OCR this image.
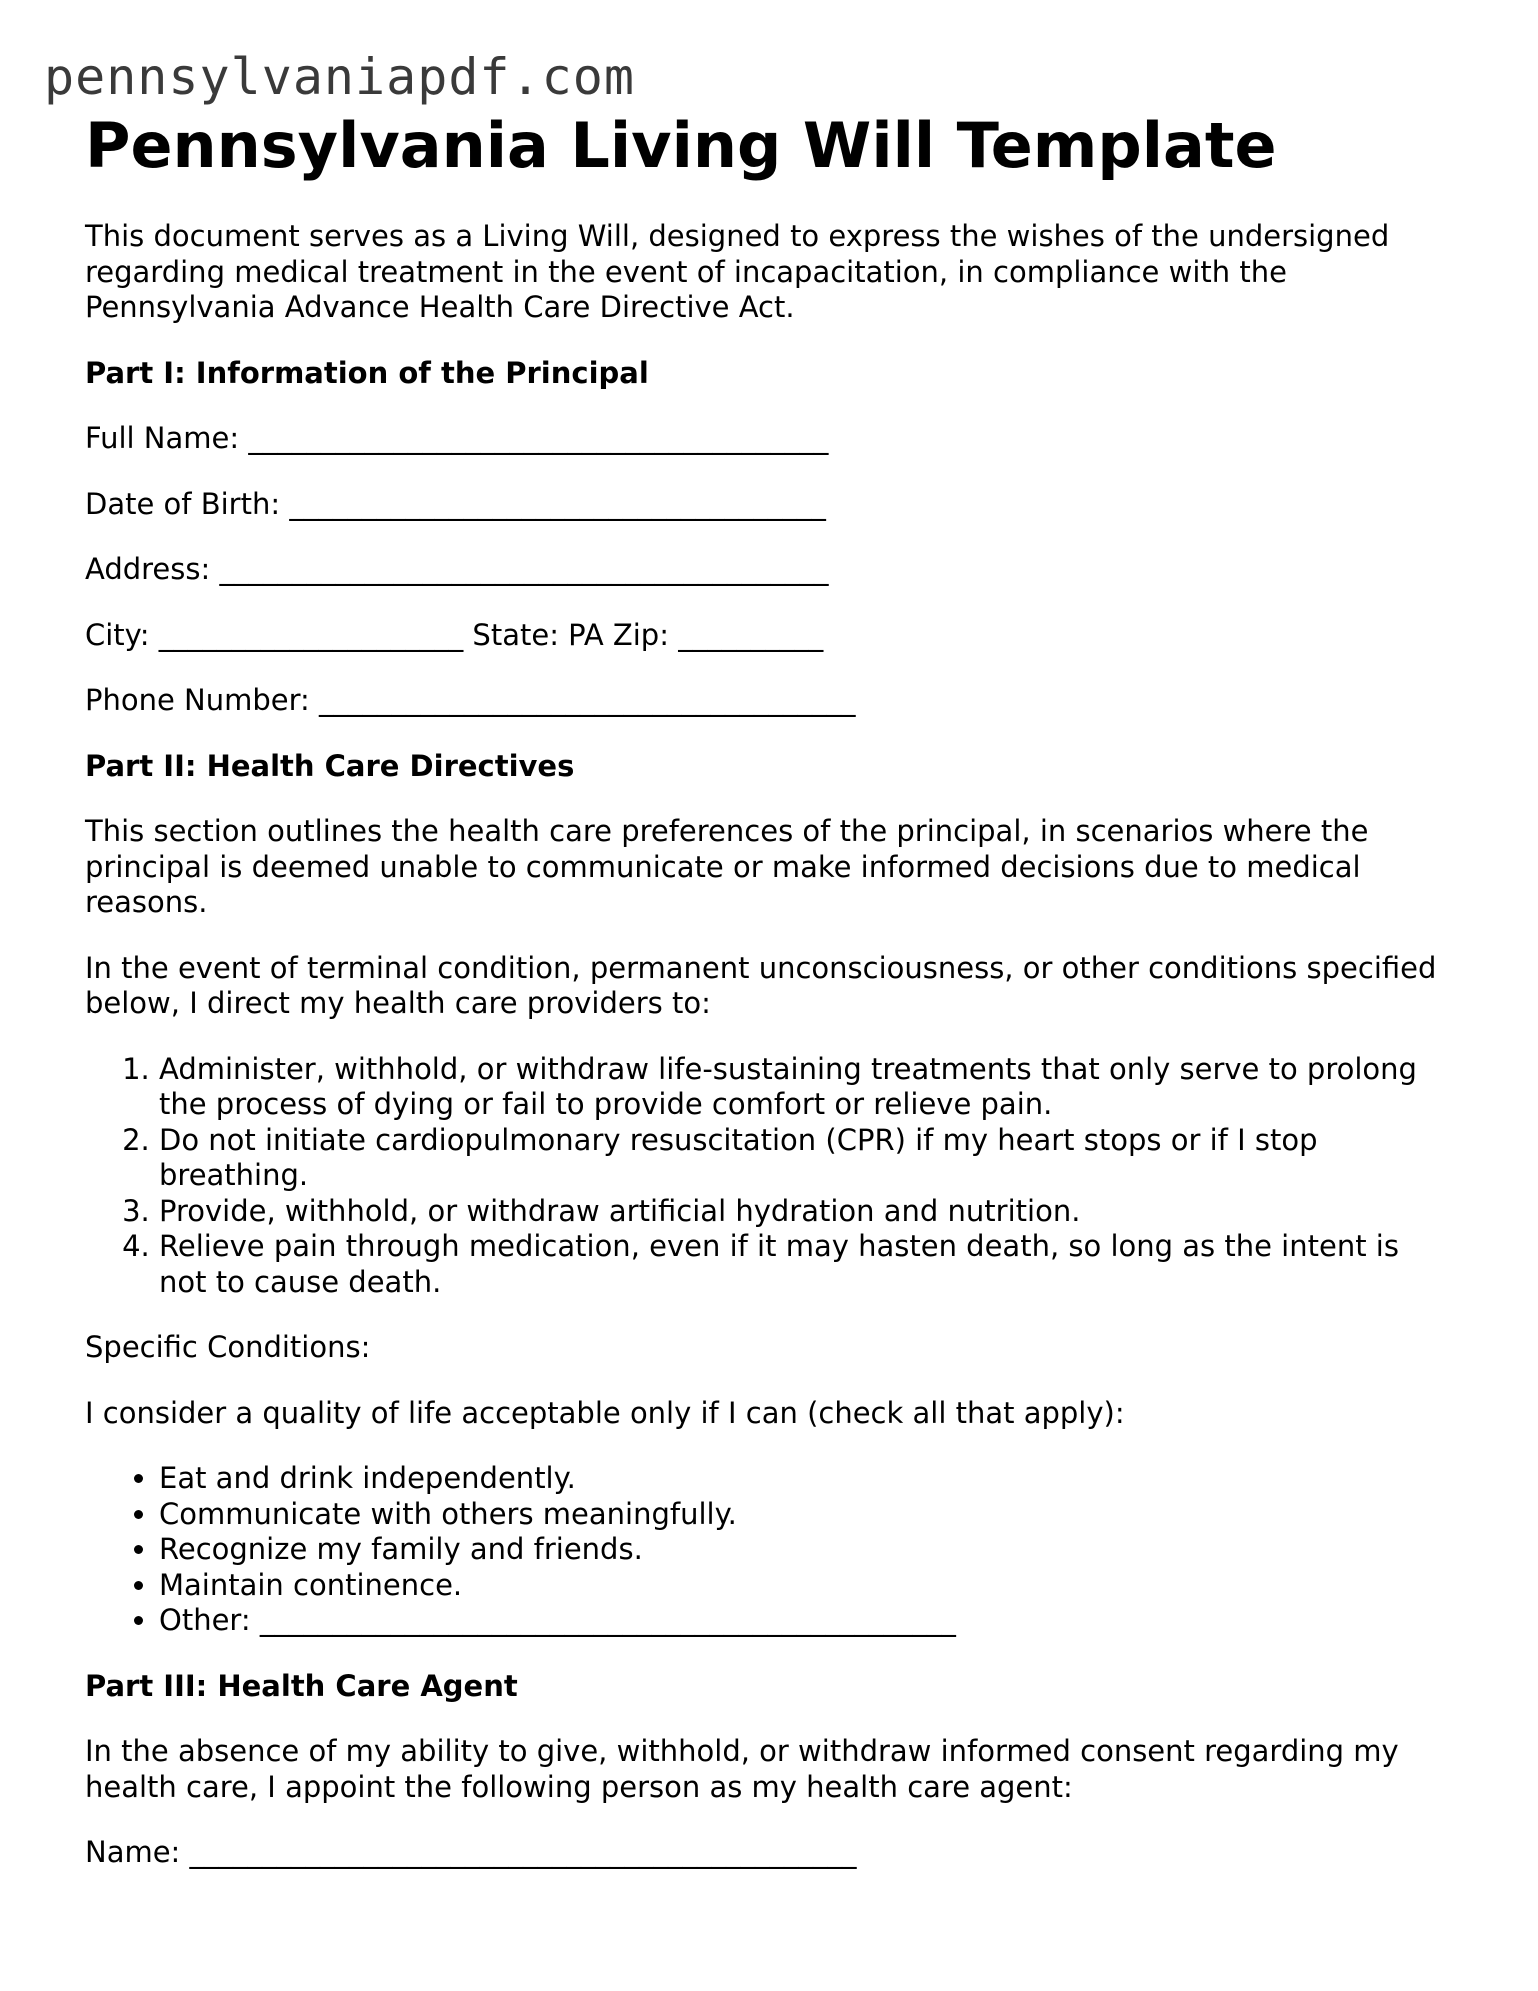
pennsylvaniapdf.com
Pennsylvania Living Will Template

This document serves as a Living Will, designed to express the wishes of the undersigned regarding medical treatment in the event of incapacitation, in compliance with the Pennsylvania Advance Health Care Directive Act.

Part I: Information of the Principal

Full Name: ________________________________________

Date of Birth: _____________________________________

Address: __________________________________________

City: _____________________ State: PA Zip: __________

Phone Number: _____________________________________

Part II: Health Care Directives

This section outlines the health care preferences of the principal, in scenarios where the principal is deemed unable to communicate or make informed decisions due to medical reasons.

In the event of terminal condition, permanent unconsciousness, or other conditions specified below, I direct my health care providers to:

1. Administer, withhold, or withdraw life-sustaining treatments that only serve to prolong the process of dying or fail to provide comfort or relieve pain.
2. Do not initiate cardiopulmonary resuscitation (CPR) if my heart stops or if I stop breathing.
3. Provide, withhold, or withdraw artificial hydration and nutrition.
4. Relieve pain through medication, even if it may hasten death, so long as the intent is not to cause death.

Specific Conditions:

I consider a quality of life acceptable only if I can (check all that apply):

• Eat and drink independently.
• Communicate with others meaningfully.
• Recognize my family and friends.
• Maintain continence.
• Other: ________________________________________________

Part III: Health Care Agent

In the absence of my ability to give, withhold, or withdraw informed consent regarding my health care, I appoint the following person as my health care agent:

Name: ______________________________________________
